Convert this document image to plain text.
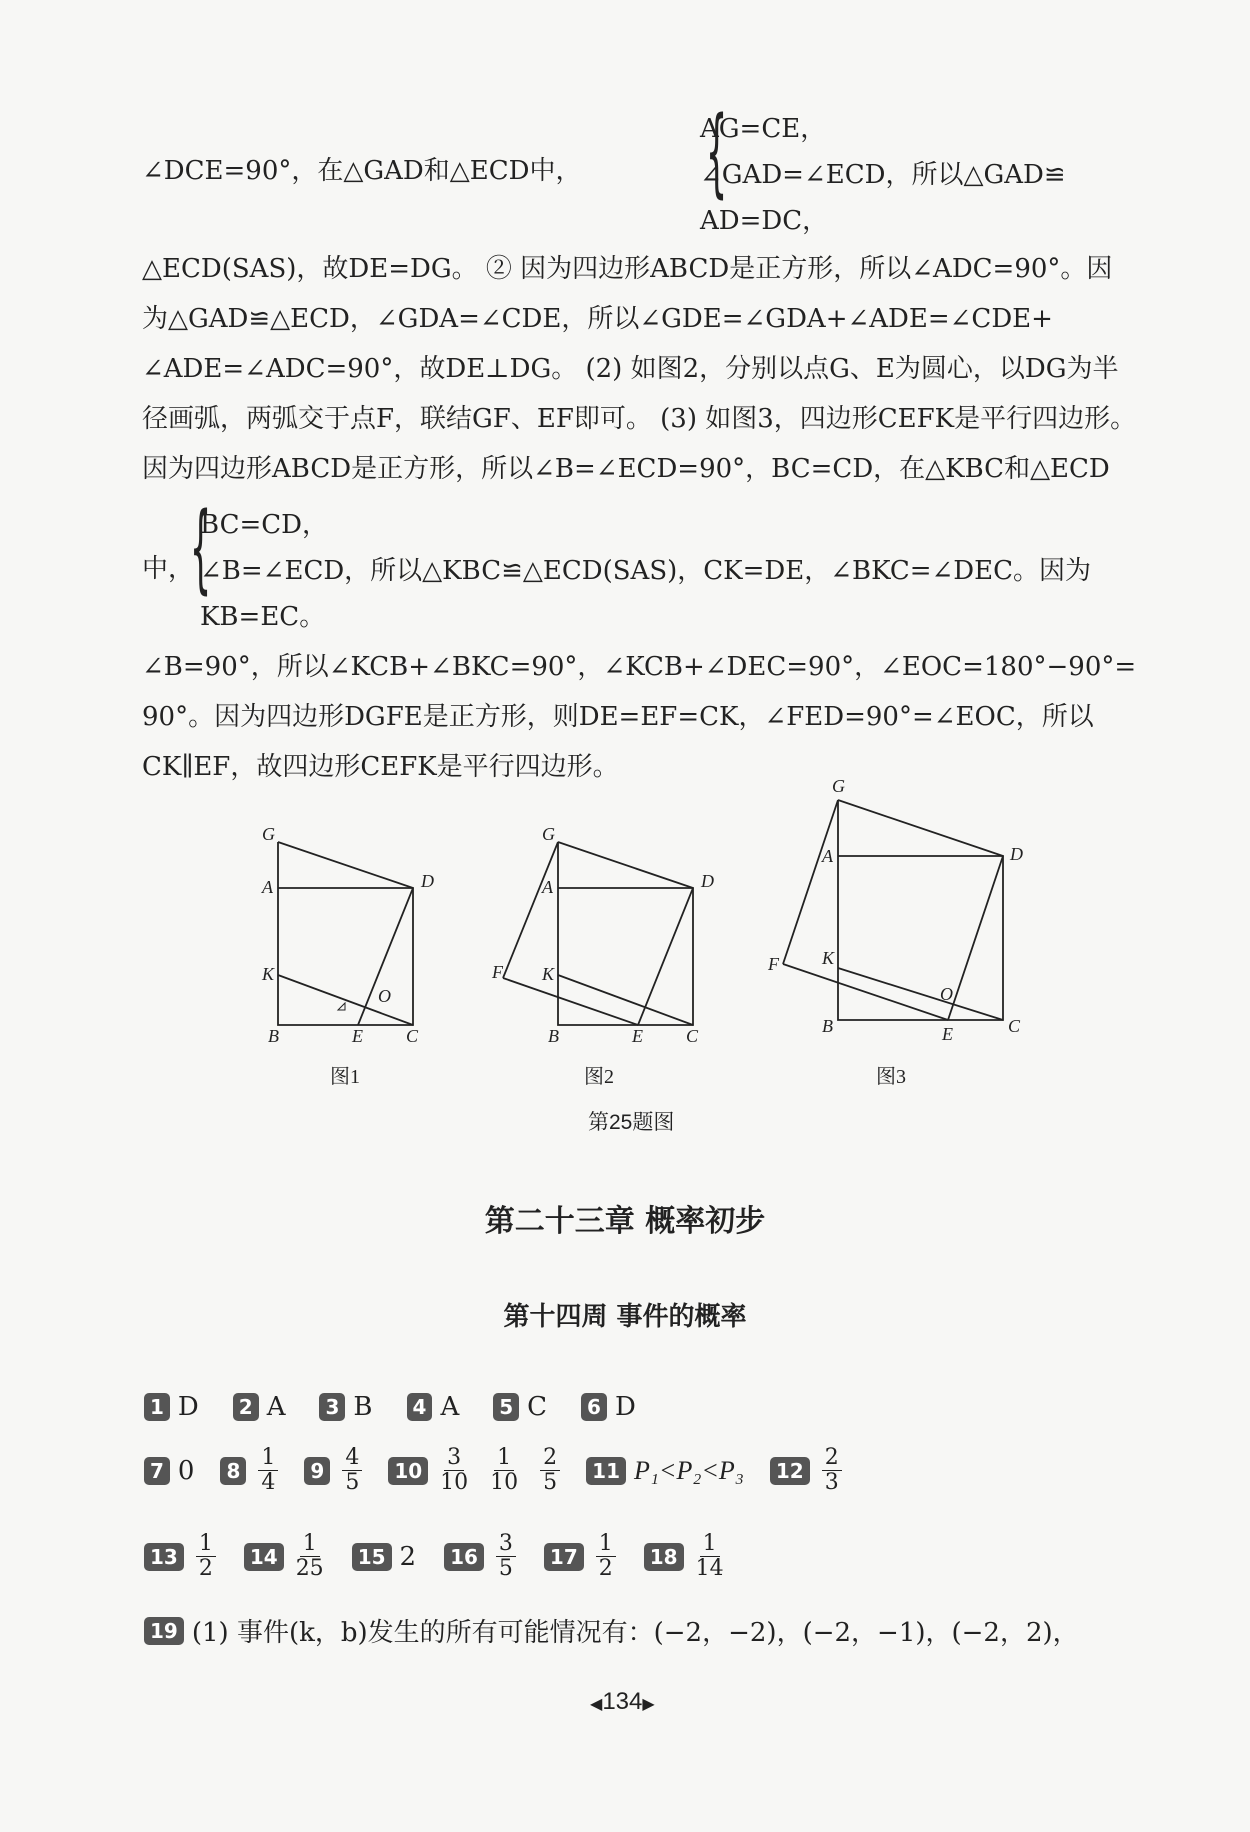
∠DCE=90°，在△GAD和△ECD中，	{
AG=CE，
∠GAD=∠ECD，所以△GAD≌
AD=DC，
△ECD(SAS)，故DE=DG。 ② 因为四边形ABCD是正方形，所以∠ADC=90°。因
为△GAD≌△ECD，∠GDA=∠CDE，所以∠GDE=∠GDA+∠ADE=∠CDE+
∠ADE=∠ADC=90°，故DE⊥DG。 (2) 如图2，分别以点G、E为圆心，以DG为半
径画弧，两弧交于点F，联结GF、EF即可。 (3) 如图3，四边形CEFK是平行四边形。
因为四边形ABCD是正方形，所以∠B=∠ECD=90°，BC=CD，在△KBC和△ECD
中，
{
BC=CD，
∠B=∠ECD，所以△KBC≌△ECD(SAS)，CK=DE，∠BKC=∠DEC。因为
KB=EC。
∠B=90°，所以∠KCB+∠BKC=90°，∠KCB+∠DEC=90°，∠EOC=180°−90°=
90°。因为四边形DGFE是正方形，则DE=EF=CK，∠FED=90°=∠EOC，所以
CK∥EF，故四边形CEFK是平行四边形。
G
A	D
K
O
B	E C
G
A	D
F K
B	E C
G
A	D
F K
O
B	E	C
图1	图2	图3
第25题图
第二十三章 概率初步
第十四周 事件的概率
1 D	2 A	3 B	4 A	5 C	6 D
7 0	$8 \frac{1}{4}$	$9 \frac{4}{5}$	$10 \frac{3}{10} \frac{1}{10} \frac{2}{5}$	11 P₁<P₂<P₃	$12 \frac{2}{3}$
$13 \frac{1}{2}$	$14 \frac{1}{25}$	15 2	$16 \frac{3}{5}$	$17 \frac{1}{2}$	$18 \frac{1}{14}$
19 (1) 事件(k，b)发生的所有可能情况有：(−2，−2)，(−2，−1)，(−2，2)，
◀134▶
